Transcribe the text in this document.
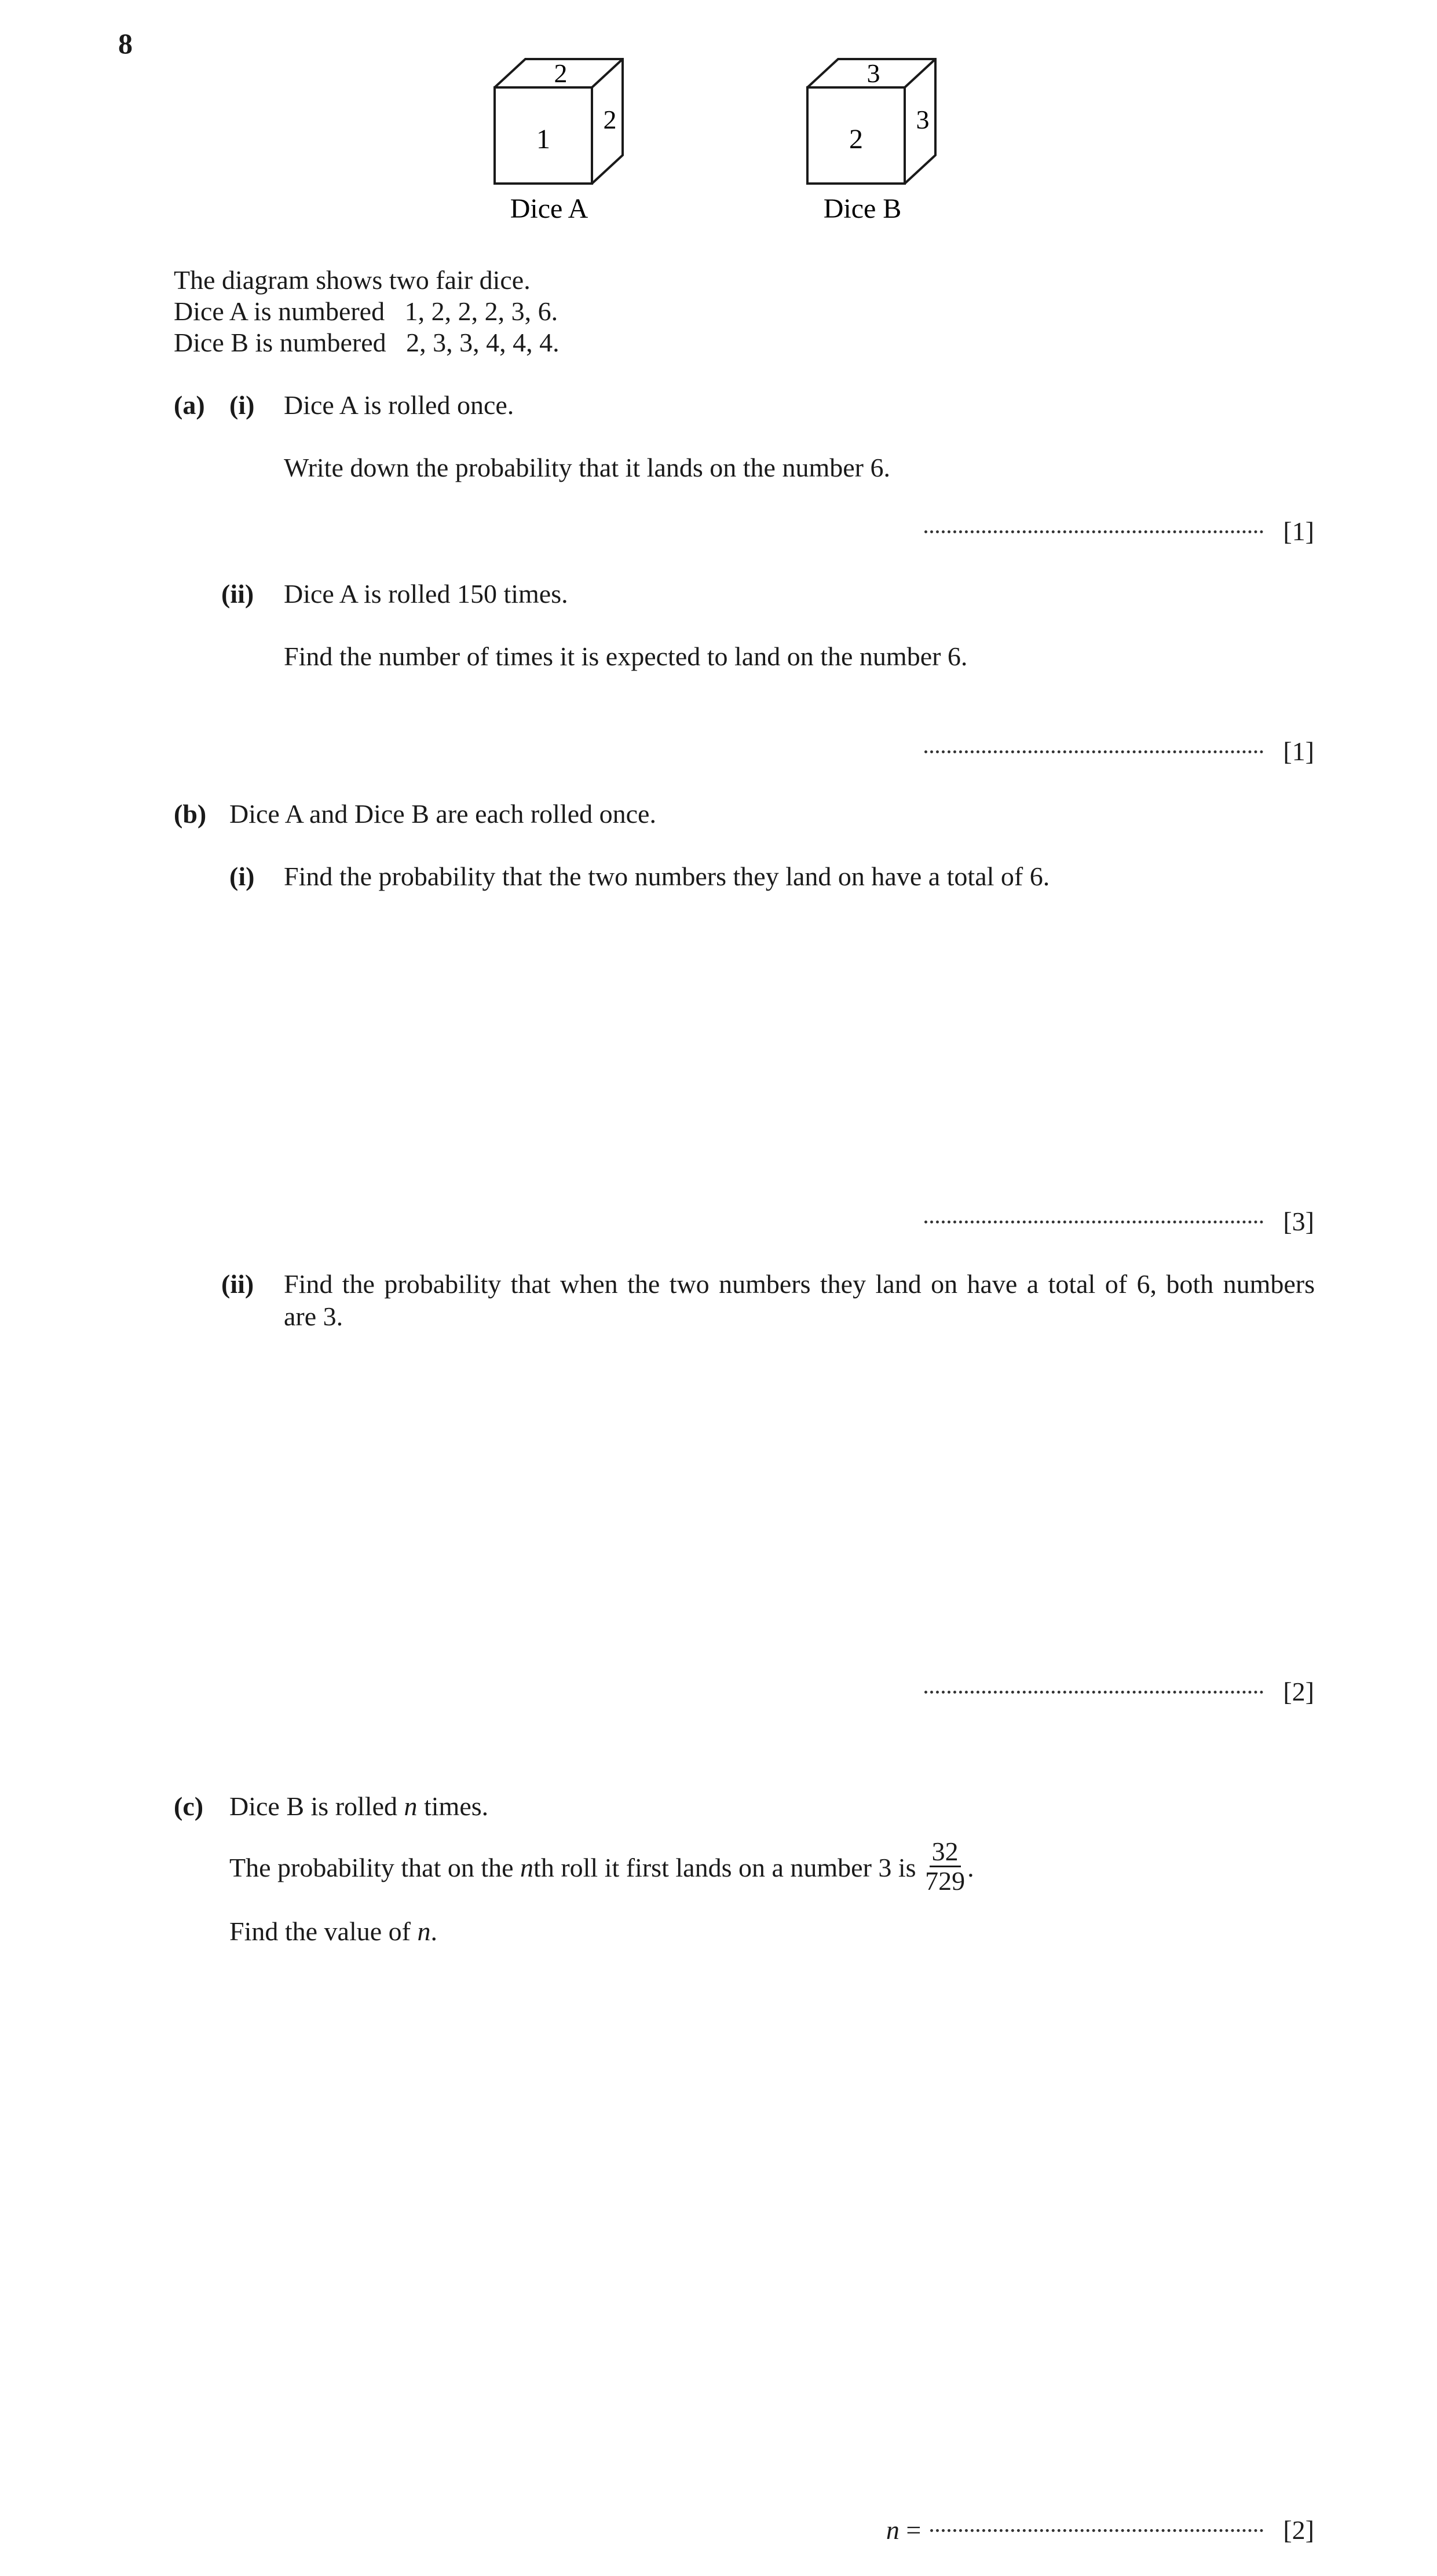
8
1
2
2
Dice A
2
3
3
Dice B
The diagram shows two fair dice.
Dice A is numbered   1, 2, 2, 2, 3, 6.
Dice B is numbered   2, 3, 3, 4, 4, 4.
(a) (i) Dice A is rolled once.
Write down the probability that it lands on the number 6.
[1]
(ii) Dice A is rolled 150 times.
Find the number of times it is expected to land on the number 6.
[1]
(b) Dice A and Dice B are each rolled once.
(i) Find the probability that the two numbers they land on have a total of 6.
[3]
(ii) Find the probability that when the two numbers they land on have a total of 6, both numbers
are 3.
[2]
(c) Dice B is rolled n times.
The probability that on the n th roll it first lands on a number 3 is $\frac{32}{729}$ .
Find the value of n.
n =	[2]
